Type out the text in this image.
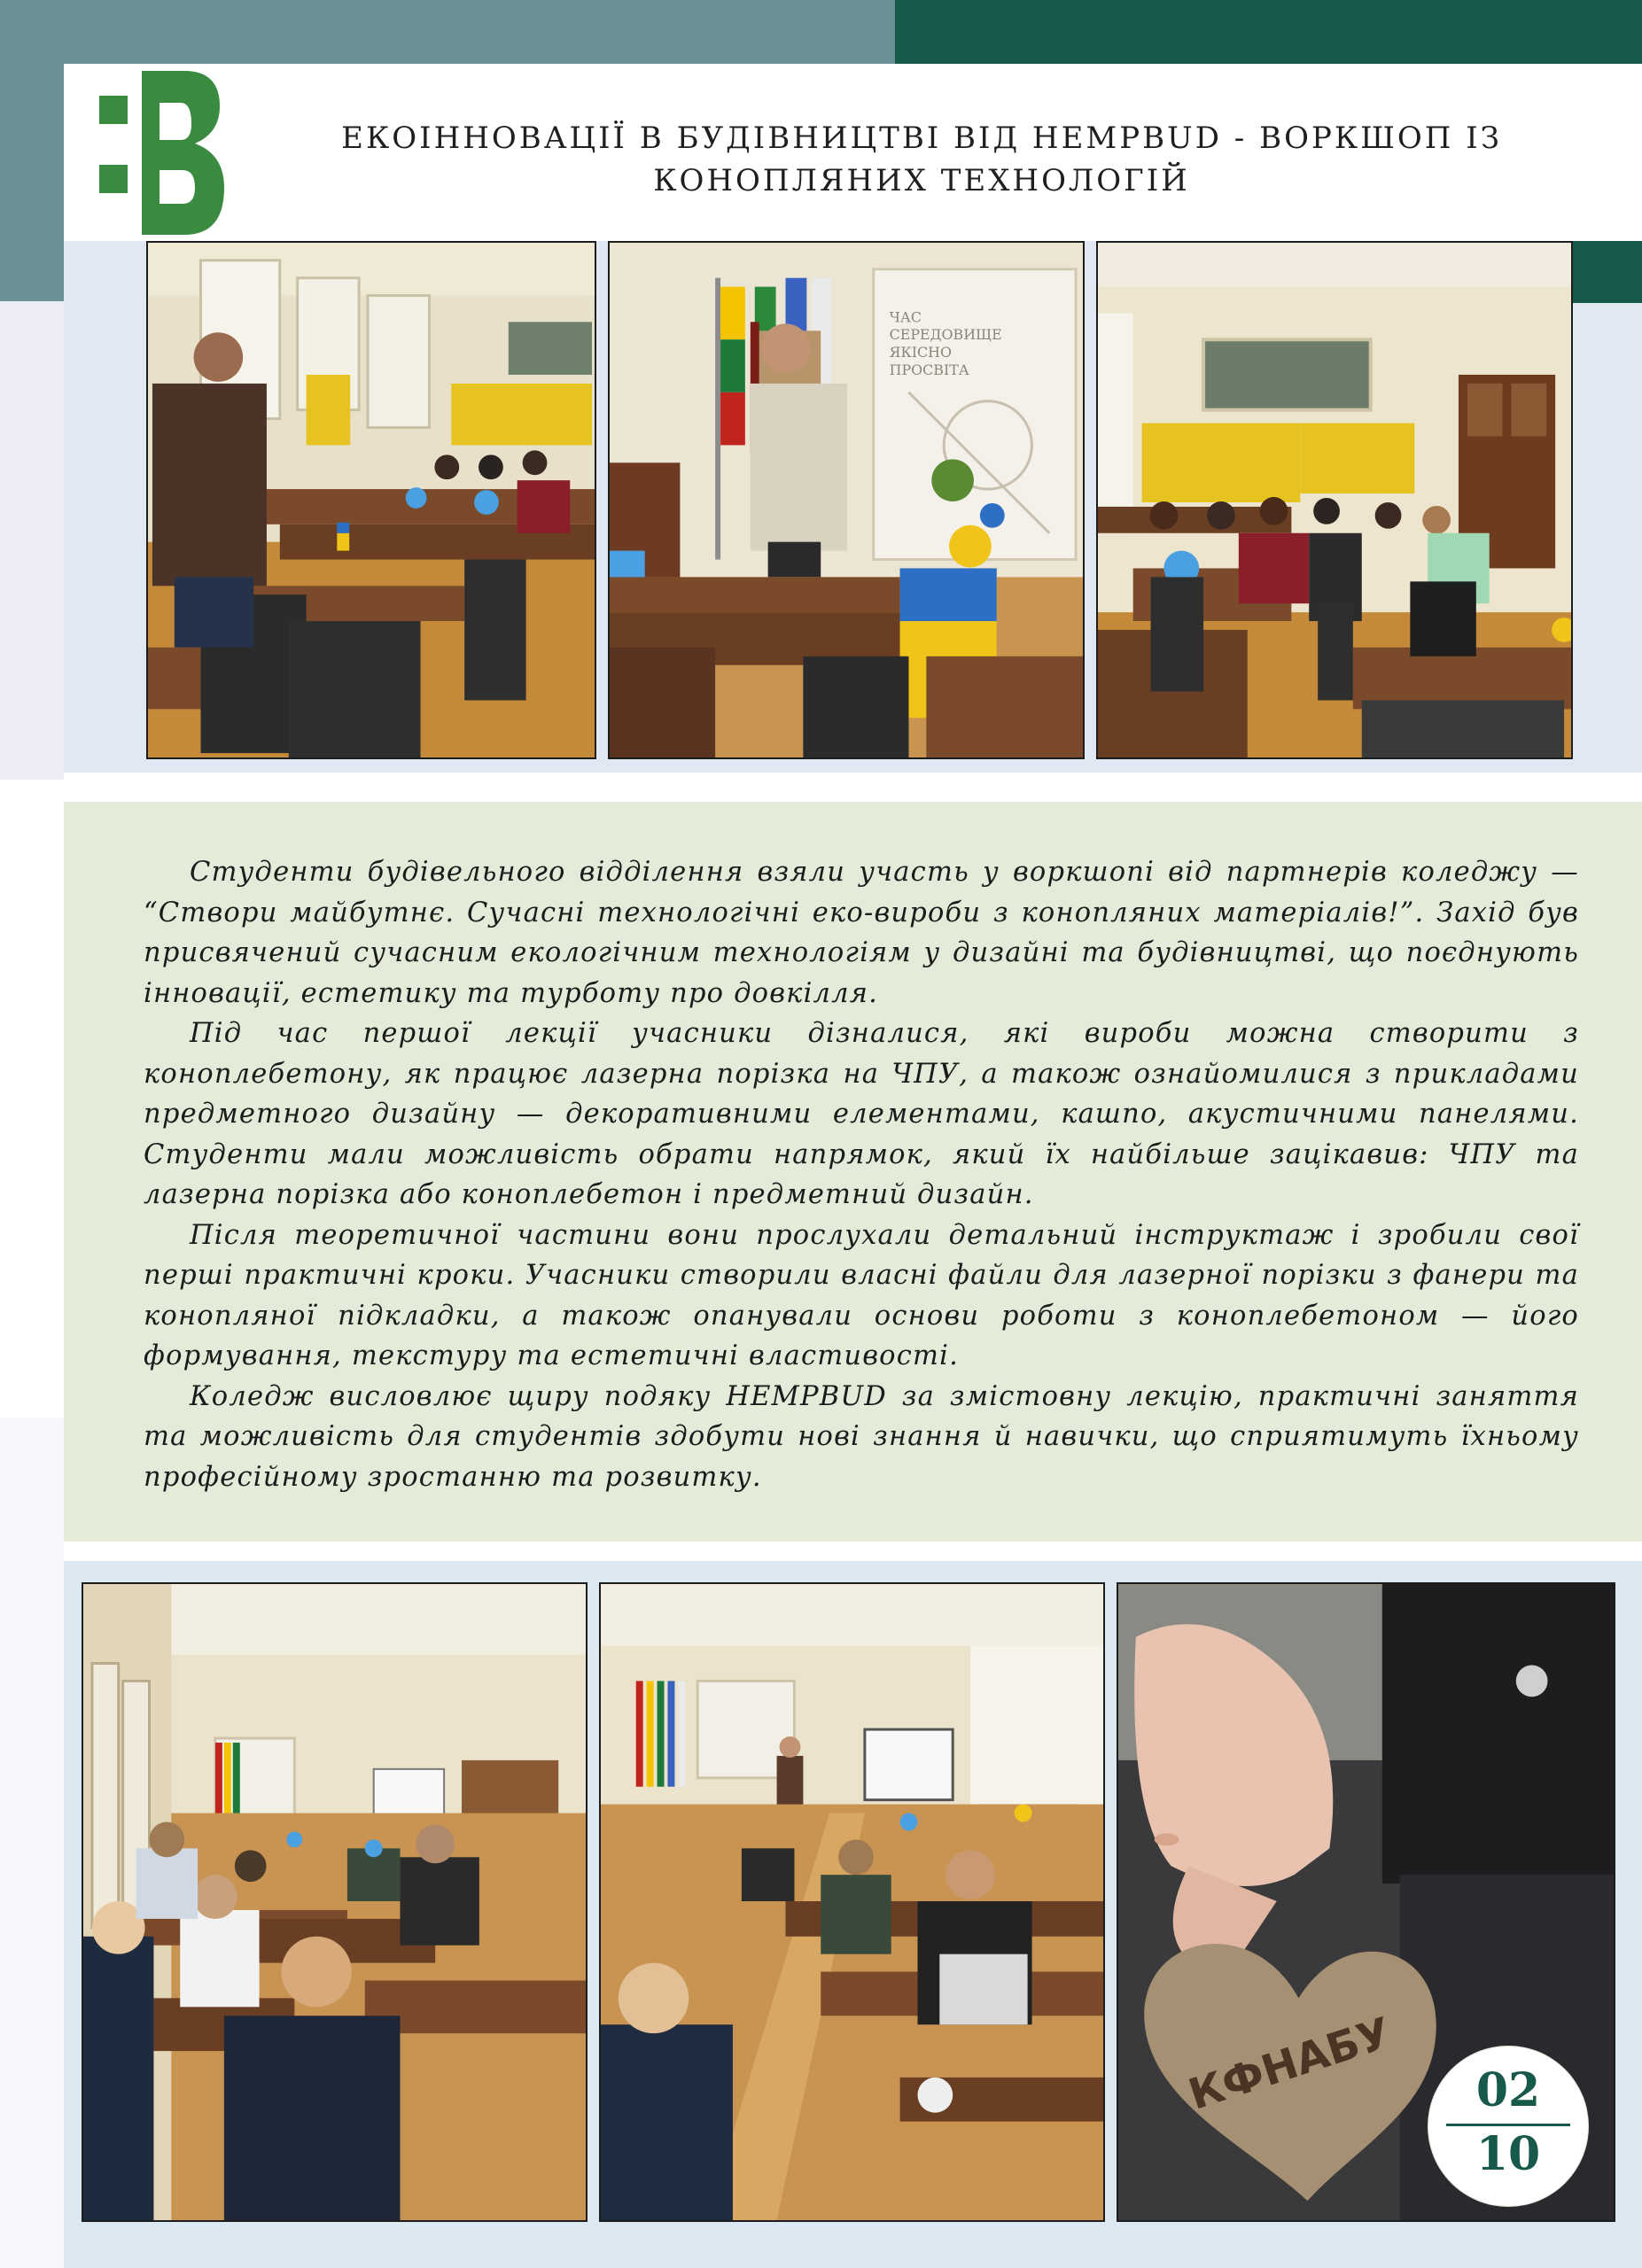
ЕКОІННОВАЦІЇ В БУДІВНИЦТВІ ВІД HEMPBUD - ВОРКШОП ІЗ
КОНОПЛЯНИХ ТЕХНОЛОГІЙ
ЧАС
СЕРЕДОВИЩЕ
ЯКІСНО
ПРОСВІТА

Студенти будівельного відділення взяли участь у воркшопі від партнерів коледжу — “Створи майбутнє. Сучасні технологічні еко-вироби з конопляних матеріалів!”. Захід був присвячений сучасним екологічним технологіям у дизайні та будівництві, що поєднують інновації, естетику та турботу про довкілля.

Під час першої лекції учасники дізналися, які вироби можна створити з коноплебетону, як працює лазерна порізка на ЧПУ, а також ознайомилися з прикладами предметного дизайну — декоративними елементами, кашпо, акустичними панелями. Студенти мали можливість обрати напрямок, який їх найбільше зацікавив: ЧПУ та лазерна порізка або коноплебетон і предметний дизайн.

Після теоретичної частини вони прослухали детальний інструктаж і зробили свої перші практичні кроки. Учасники створили власні файли для лазерної порізки з фанери та конопляної підкладки, а також опанували основи роботи з коноплебетоном — його формування, текстуру та естетичні властивості.

Коледж висловлює щиру подяку HEMPBUD за змістовну лекцію, практичні заняття та можливість для студентів здобути нові знання й навички, що сприятимуть їхньому професійному зростанню та розвитку.

КФНАБУ	02
10
